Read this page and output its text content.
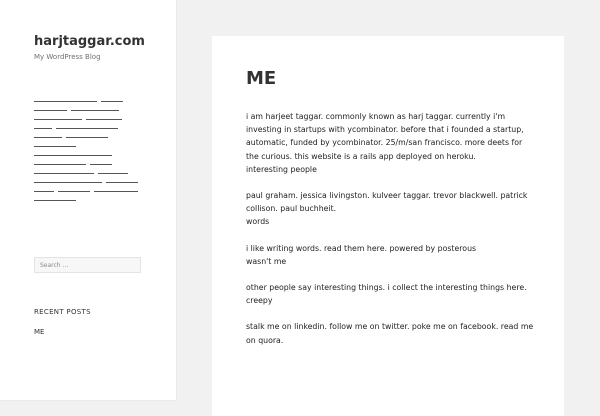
harjtaggar.com
My WordPress Blog
Search …
RECENT POSTS
ME
ME

i am harjeet taggar. commonly known as harj taggar. currently i'm investing in startups with ycombinator. before that i founded a startup, automatic, funded by ycombinator. 25/m/san francisco. more deets for the curious. this website is a rails app deployed on heroku.
interesting people

paul graham. jessica livingston. kulveer taggar. trevor blackwell. patrick collison. paul buchheit.
words

i like writing words. read them here. powered by posterous
wasn't me

other people say interesting things. i collect the interesting things here.
creepy

stalk me on linkedin. follow me on twitter. poke me on facebook. read me on quora.
